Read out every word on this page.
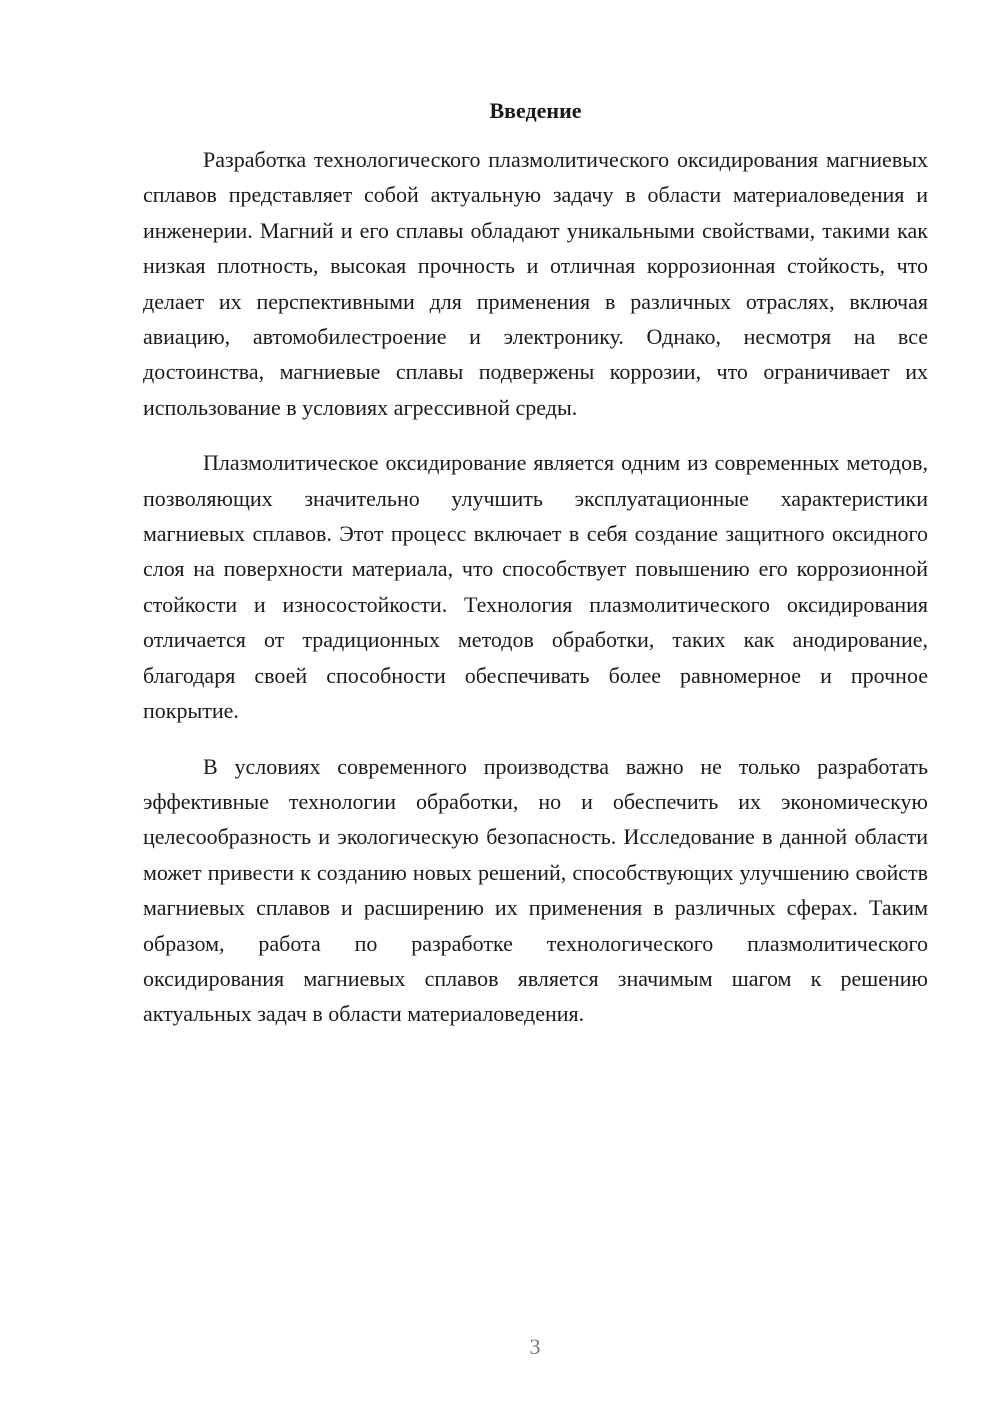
Введение

Разработка технологического плазмолитического оксидирования магниевых сплавов представляет собой актуальную задачу в области материаловедения и инженерии. Магний и его сплавы обладают уникальными свойствами, такими как низкая плотность, высокая прочность и отличная коррозионная стойкость, что делает их перспективными для применения в различных отраслях, включая авиацию, автомобилестроение и электронику. Однако, несмотря на все достоинства, магниевые сплавы подвержены коррозии, что ограничивает их использование в условиях агрессивной среды.

Плазмолитическое оксидирование является одним из современных методов, позволяющих значительно улучшить эксплуатационные характеристики магниевых сплавов. Этот процесс включает в себя создание защитного оксидного слоя на поверхности материала, что способствует повышению его коррозионной стойкости и износостойкости. Технология плазмолитического оксидирования отличается от традиционных методов обработки, таких как анодирование, благодаря своей способности обеспечивать более равномерное и прочное покрытие.

В условиях современного производства важно не только разработать эффективные технологии обработки, но и обеспечить их экономическую целесообразность и экологическую безопасность. Исследование в данной области может привести к созданию новых решений, способствующих улучшению свойств магниевых сплавов и расширению их применения в различных сферах. Таким образом, работа по разработке технологического плазмолитического оксидирования магниевых сплавов является значимым шагом к решению актуальных задач в области материаловедения.

3
